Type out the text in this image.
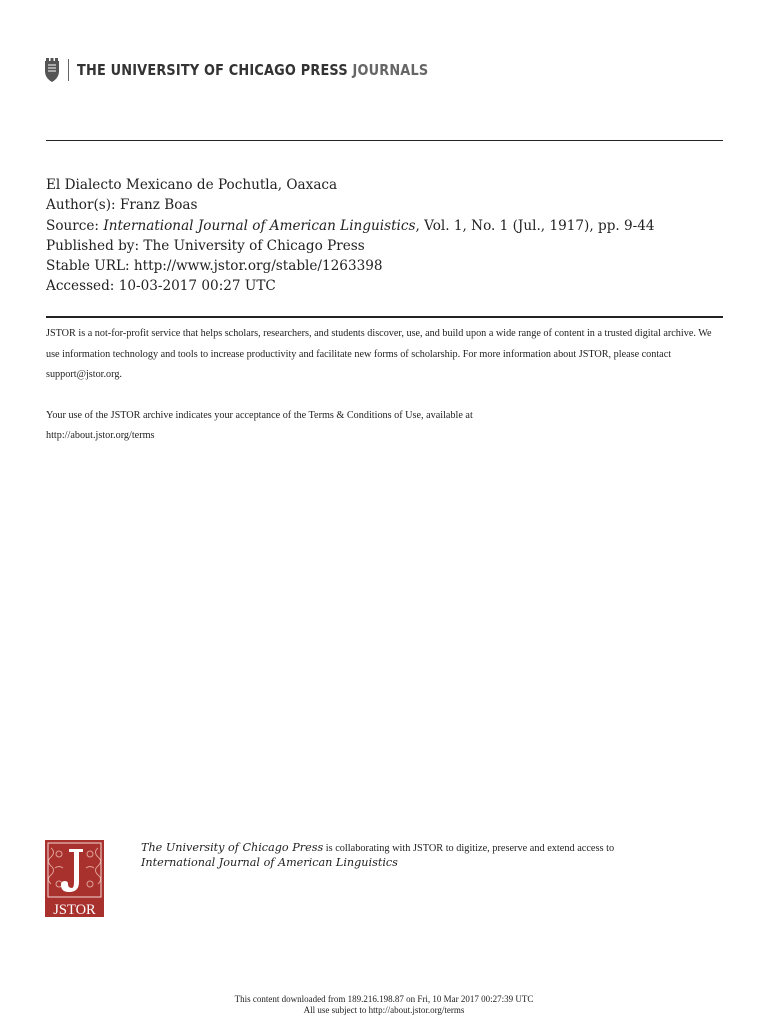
THE UNIVERSITY OF CHICAGO PRESS JOURNALS
El Dialecto Mexicano de Pochutla, Oaxaca
Author(s): Franz Boas
Source: International Journal of American Linguistics, Vol. 1, No. 1 (Jul., 1917), pp. 9-44
Published by: The University of Chicago Press
Stable URL: http://www.jstor.org/stable/1263398
Accessed: 10-03-2017 00:27 UTC

JSTOR is a not-for-profit service that helps scholars, researchers, and students discover, use, and build upon a wide range of content in a trusted digital archive. We use information technology and tools to increase productivity and facilitate new forms of scholarship. For more information about JSTOR, please contact support@jstor.org.

Your use of the JSTOR archive indicates your acceptance of the Terms & Conditions of Use, available at
http://about.jstor.org/terms

JSTOR
The University of Chicago Press is collaborating with JSTOR to digitize, preserve and extend access to
International Journal of American Linguistics
This content downloaded from 189.216.198.87 on Fri, 10 Mar 2017 00:27:39 UTC
All use subject to http://about.jstor.org/terms
